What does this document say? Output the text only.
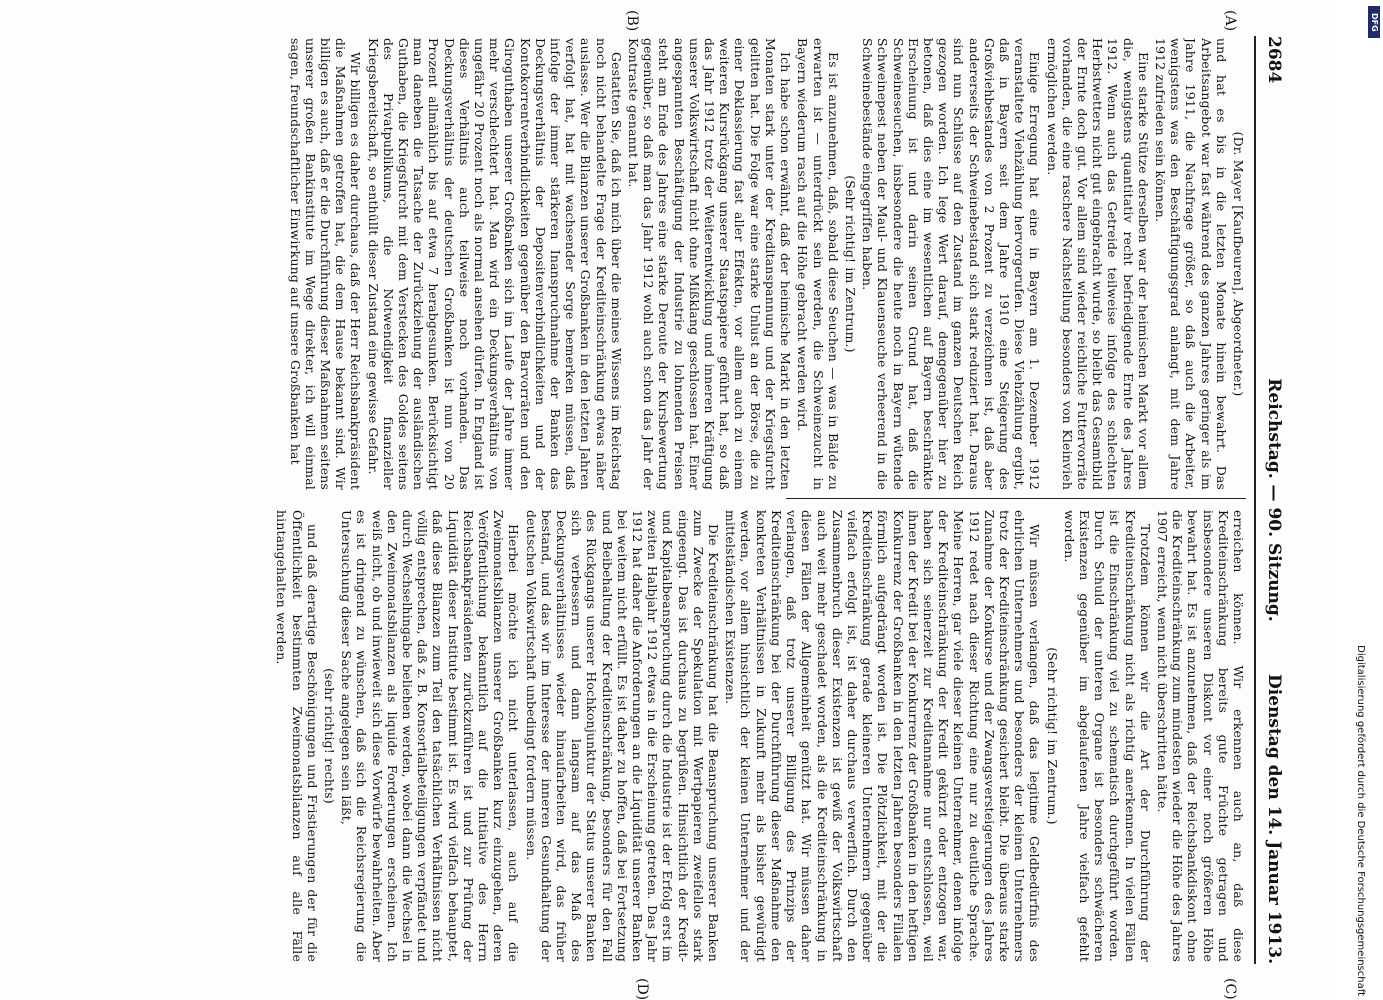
2684
Reichstag. — 90. Sitzung.
Dienstag den 14. Januar 1913.
(A)
(B)
(C)
(D)

(Dr. Mayer [Kaufbeuren], Abgeordneter.)

und hat es bis in die letzten Monate hinein bewahrt. Das Arbeitsangebot war fast während des ganzen Jahres geringer als im Jahre 1911, die Nachfrage größer, so daß auch die Arbeiter, wenigstens was den Beschäftigungsgrad anlangt, mit dem Jahre 1912 zufrieden sein können.

Eine starke Stütze derselben war der heimischen Markt vor allem die, wenigstens quantitativ recht befriedigende Ernte des Jahres 1912. Wenn auch das Getreide teilweise infolge des schlechten Herbstwetters nicht gut eingebracht wurde, so bleibt das Gesamtbild der Ernte doch gut. Vor allem sind wieder reichliche Futtervorräte vorhanden, die eine raschere Nachstellung besonders von Kleinvieh ermöglichen werden.

Einige Erregung hat eine in Bayern am 1. Dezember 1912 veranstaltete Viehzählung hervorgerufen. Diese Viehzählung ergibt, daß in Bayern seit dem Jahre 1910 eine Steigerung des Großviehbestandes von 2 Prozent zu verzeichnen ist, daß aber andererseits der Schweinebestand sich stark reduziert hat. Daraus sind nun Schlüsse auf den Zustand im ganzen Deutschen Reich gezogen worden. Ich lege Wert darauf, demgegenüber hier zu betonen, daß dies eine im wesentlichen auf Bayern beschränkte Erscheinung ist und darin seinen Grund hat, daß die Schweineseuchen, insbesondere die heute noch in Bayern wütende Schweinepest neben der Maul- und Klauenseuche verheerend in die Schweinebestände eingegriffen haben.

(Sehr richtig! im Zentrum.)

Es ist anzunehmen, daß, sobald diese Seuchen — was in Bälde zu erwarten ist — unterdrückt sein werden, die Schweinezucht in Bayern wiederum rasch auf die Höhe gebracht werden wird.

Ich habe schon erwähnt, daß der heimische Markt in den letzten Monaten stark unter der Kreditanspannung und der Kriegsfurcht gelitten hat. Die Folge war eine starke Unlust an der Börse, die zu einer Deklassierung fast aller Effekten, vor allem auch zu einem weiteren Kursrückgang unserer Staatspapiere geführt hat, so daß das Jahr 1912 trotz der Weiterentwicklung und inneren Kräftigung unserer Volkswirtschaft nicht ohne Mißklang geschlossen hat. Einer angespannten Beschäftigung der Industrie zu lohnenden Preisen steht am Ende des Jahres eine starke Deroute der Kursbewertung gegenüber, so daß man das Jahr 1912 wohl auch schon das Jahr der Kontraste genannt hat.

Gestatten Sie, daß ich mich über die meines Wissens im Reichstag noch nicht behandelte Frage der Krediteinschränkung etwas näher auslasse. Wer die Bilanzen unserer Großbanken in den letzten Jahren verfolgt hat, hat mit wachsender Sorge bemerken müssen, daß infolge der immer stärkeren Inanspruchnahme der Banken das Deckungsverhältnis der Depositenverbindlichkeiten und der Kontokorrentverbindlichkeiten gegenüber den Barvorräten und den Giroguthaben unserer Großbanken sich im Laufe der Jahre immer mehr verschlechtert hat. Man wird ein Deckungsverhältnis von ungefähr 20 Prozent noch als normal ansehen dürfen. In England ist dieses Verhältnis auch teilweise noch vorhanden. Das Deckungsverhältnis der deutschen Großbanken ist nun von 20 Prozent allmählich bis auf etwa 7 herabgesunken. Berücksichtigt man daneben die Tatsache der Zurückziehung der ausländischen Guthaben, die Kriegsfurcht mit dem Verstecken des Goldes seitens des Privatpublikums, die Notwendigkeit finanzieller Kriegsbereitschaft, so enthüllt dieser Zustand eine gewisse Gefahr.

Wir billigen es daher durchaus, daß der Herr Reichsbankpräsident die Maßnahmen getroffen hat, die dem Hause bekannt sind. Wir billigen es auch, daß er die Durchführung dieser Maßnahmen seitens unserer großen Bankinstitute im Wege direkter, ich will einmal sagen, freundschaftlicher Einwirkung auf unsere Großbanken hat

erreichen können. Wir erkennen auch an, daß diese Krediteinschränkung bereits gute Früchte getragen und insbesondere unseren Diskont vor einer noch größeren Höhe bewahrt hat. Es ist anzunehmen, daß der Reichsbankdiskont ohne die Krediteinschränkung zum mindesten wieder die Höhe des Jahres 1907 erreicht, wenn nicht überschritten hätte.

Trotzdem können wir die Art der Durchführung der Krediteinschränkung nicht als richtig anerkennen. In vielen Fällen ist die Einschränkung viel zu schematisch durchgeführt worden. Durch Schuld der unteren Organe ist besonders schwächeren Existenzen gegenüber im abgelaufenen Jahre vielfach gefehlt worden.

(Sehr richtig! im Zentrum.)

Wir müssen verlangen, daß das legitime Geldbedürfnis des ehrlichen Unternehmers und besonders der kleinen Unternehmers trotz der Krediteinschränkung gesichert bleibt. Die überaus starke Zunahme der Konkurse und der Zwangsversteigerungen des Jahres 1912 redet nach dieser Richtung eine nur zu deutliche Sprache. Meine Herren, gar viele dieser kleinen Unternehmer, denen infolge der Krediteinschränkung der Kredit gekürzt oder entzogen war, haben sich seinerzeit zur Kreditannahme nur entschlossen, weil ihnen der Kredit bei der Konkurrenz der Großbanken in den heftigen Konkurrenz der Großbanken in den letzten Jahren besonders Filialen förmlich aufgedrängt worden ist. Die Plötzlichkeit, mit der die Krediteinschränkung gerade kleineren Unternehmern gegenüber vielfach erfolgt ist, ist daher durchaus verwerflich. Durch den Zusammenbruch dieser Existenzen ist gewiß der Volkswirtschaft auch weit mehr geschadet worden, als die Krediteinschränkung in diesen Fällen der Allgemeinheit genützt hat. Wir müssen daher verlangen, daß trotz unserer Billigung des Prinzips der Krediteinschränkung bei der Durchführung dieser Maßnahme den konkreten Verhältnissen in Zukunft mehr als bisher gewürdigt werden, vor allem hinsichtlich der kleinen Unternehmer und der mittelständischen Existenzen.

Die Krediteinschränkung hat die Beanspruchung unserer Banken zum Zwecke der Spekulation mit Wertpapieren zweifellos stark eingeengt. Das ist durchaus zu begrüßen. Hinsichtlich der Kredit- und Kapitalbeanspruchung durch die Industrie ist der Erfolg erst im zweiten Halbjahr 1912 etwas in die Erscheinung getreten. Das Jahr 1912 hat daher die Anforderungen an die Liquidität unserer Banken bei weitem nicht erfüllt. Es ist daher zu hoffen, daß bei Fortsetzung und Beibehaltung der Krediteinschränkung, besonders für den Fall des Rückgangs unserer Hochkonjunktur der Status unserer Banken sich verbessern und dann langsam auf das Maß des Deckungsverhältnisses wieder hinaufarbeiten wird, das früher bestand, und das wir im Interesse der inneren Gesundhaltung der deutschen Volkswirtschaft unbedingt fordern müssen.

Hierbei möchte ich nicht unterlassen, auch auf die Zweimonatsbilanzen unserer Großbanken kurz einzugehen, deren Veröffentlichung bekanntlich auf die Initiative des Herrn Reichsbankpräsidenten zurückzuführen ist und zur Prüfung der Liquidität dieser Institute bestimmt ist. Es wird vielfach behauptet, daß diese Bilanzen zum Teil den tatsächlichen Verhältnissen nicht völlig entsprechen, daß z. B. Konsortialbeteiligungen verpfändet und durch Wechselhingabe beliehen werden, wobei dann die Wechsel in den Zweimonatsbilanzen als liquide Forderungen erscheinen. Ich weiß nicht, ob und inwieweit sich diese Vorwürfe bewahrheiten. Aber es ist dringend zu wünschen, daß sich die Reichsregierung die Untersuchung dieser Sache angelegen sein läßt,

(sehr richtig! rechts)

und daß derartige Beschönigungen und Fristierungen der für die Öffentlichkeit bestimmten Zweimonatsbilanzen auf alle Fälle hintangehalten werden.

DFG
Digitalisierung gefördert durch die Deutsche Forschungsgemeinschaft
